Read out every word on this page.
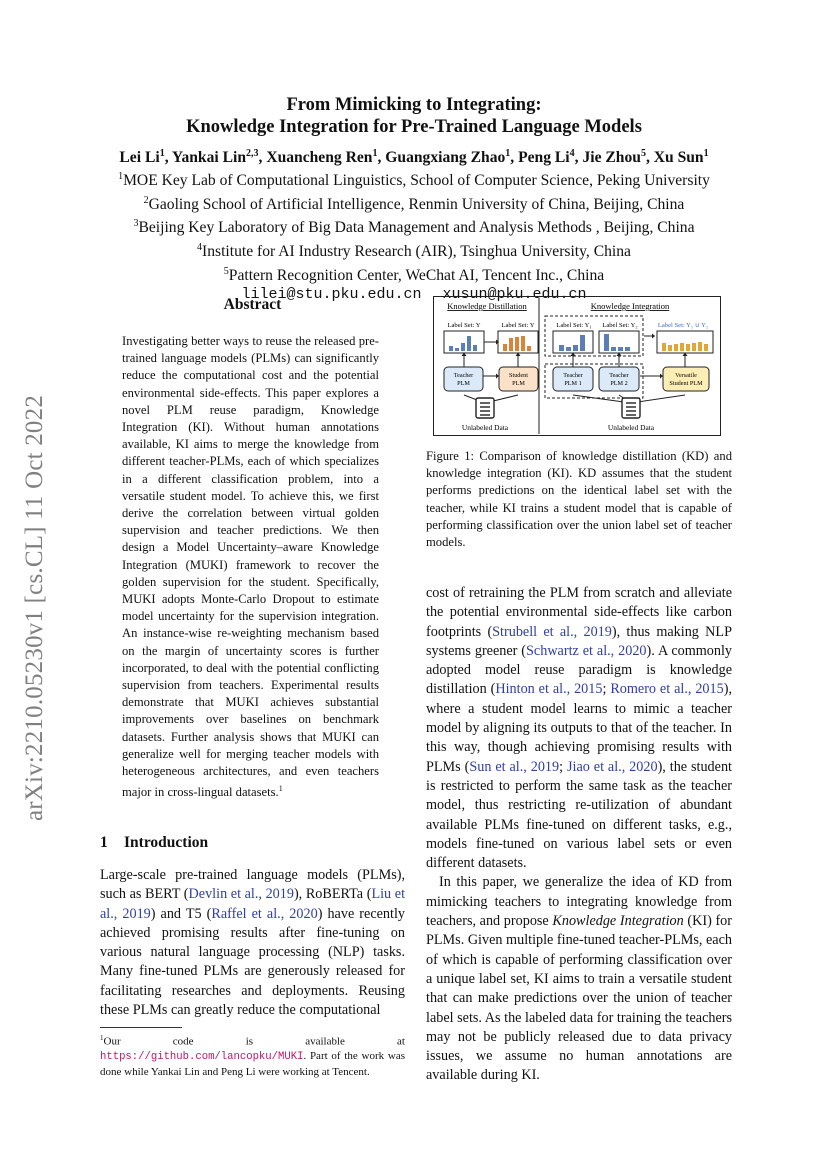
arXiv:2210.05230v1 [cs.CL] 11 Oct 2022
From Mimicking to Integrating:
Knowledge Integration for Pre-Trained Language Models
Lei Li$^1$, Yankai Lin$^{2,3}$, Xuancheng Ren$^1$, Guangxiang Zhao$^1$, Peng Li$^4$, Jie Zhou$^5$, Xu Sun$^1$
$^1$MOE Key Lab of Computational Linguistics, School of Computer Science, Peking University
$^2$Gaoling School of Artificial Intelligence, Renmin University of China, Beijing, China
$^3$Beijing Key Laboratory of Big Data Management and Analysis Methods , Beijing, China
$^4$Institute for AI Industry Research (AIR), Tsinghua University, China
$^5$Pattern Recognition Center, WeChat AI, Tencent Inc., China
lilei@stu.pku.edu.cn xusun@pku.edu.cn
Abstract
Investigating better ways to reuse the released pre-trained language models (PLMs) can significantly reduce the computational cost and the potential environmental side-effects. This paper explores a novel PLM reuse paradigm, Knowledge Integration (KI). Without human annotations available, KI aims to merge the knowledge from different teacher-PLMs, each of which specializes in a different classification problem, into a versatile student model. To achieve this, we first derive the correlation between virtual golden supervision and teacher predictions. We then design a Model Uncertainty–aware Knowledge Integration (MUKI) framework to recover the golden supervision for the student. Specifically, MUKI adopts Monte-Carlo Dropout to estimate model uncertainty for the supervision integration. An instance-wise re-weighting mechanism based on the margin of uncertainty scores is further incorporated, to deal with the potential conflicting supervision from teachers. Experimental results demonstrate that MUKI achieves substantial improvements over baselines on benchmark datasets. Further analysis shows that MUKI can generalize well for merging teacher models with heterogeneous architectures, and even teachers major in cross-lingual datasets.$^1$
1 Introduction

Large-scale pre-trained language models (PLMs), such as BERT (Devlin et al., 2019), RoBERTa (Liu et al., 2019) and T5 (Raffel et al., 2020) have recently achieved promising results after fine-tuning on various natural language processing (NLP) tasks. Many fine-tuned PLMs are generously released for facilitating researches and deployments. Reusing these PLMs can greatly reduce the computational

cost of retraining the PLM from scratch and alleviate the potential environmental side-effects like carbon footprints (Strubell et al., 2019), thus making NLP systems greener (Schwartz et al., 2020). A commonly adopted model reuse paradigm is knowledge distillation (Hinton et al., 2015; Romero et al., 2015), where a student model learns to mimic a teacher model by aligning its outputs to that of the teacher. In this way, though achieving promising results with PLMs (Sun et al., 2019; Jiao et al., 2020), the student is restricted to perform the same task as the teacher model, thus restricting re-utilization of abundant available PLMs fine-tuned on different tasks, e.g., models fine-tuned on various label sets or even different datasets.

In this paper, we generalize the idea of KD from mimicking teachers to integrating knowledge from teachers, and propose Knowledge Integration (KI) for PLMs. Given multiple fine-tuned teacher-PLMs, each of which is capable of performing classification over a unique label set, KI aims to train a versatile student that can make predictions over the union of teacher label sets. As the labeled data for training the teachers may not be publicly released due to data privacy issues, we assume no human annotations are available during KI.

$^1$Our code is available at https://github.com/lancopku/MUKI. Part of the work was done while Yankai Lin and Peng Li were working at Tencent.
Knowledge Distillation	Knowledge Integration
Label Set: Y	Label Set: Y	Label Set: Y₁ Label Set: Y₂	Label Set: Y₁ ∪ Y₂
Teacher
PLM
Student
PLM
Teacher
PLM 1
Teacher
PLM 2
Versatile
Student PLM
Unlabeled Data	Unlabeled Data
Figure 1: Comparison of knowledge distillation (KD) and knowledge integration (KI). KD assumes that the student performs predictions on the identical label set with the teacher, while KI trains a student model that is capable of performing classification over the union label set of teacher models.
